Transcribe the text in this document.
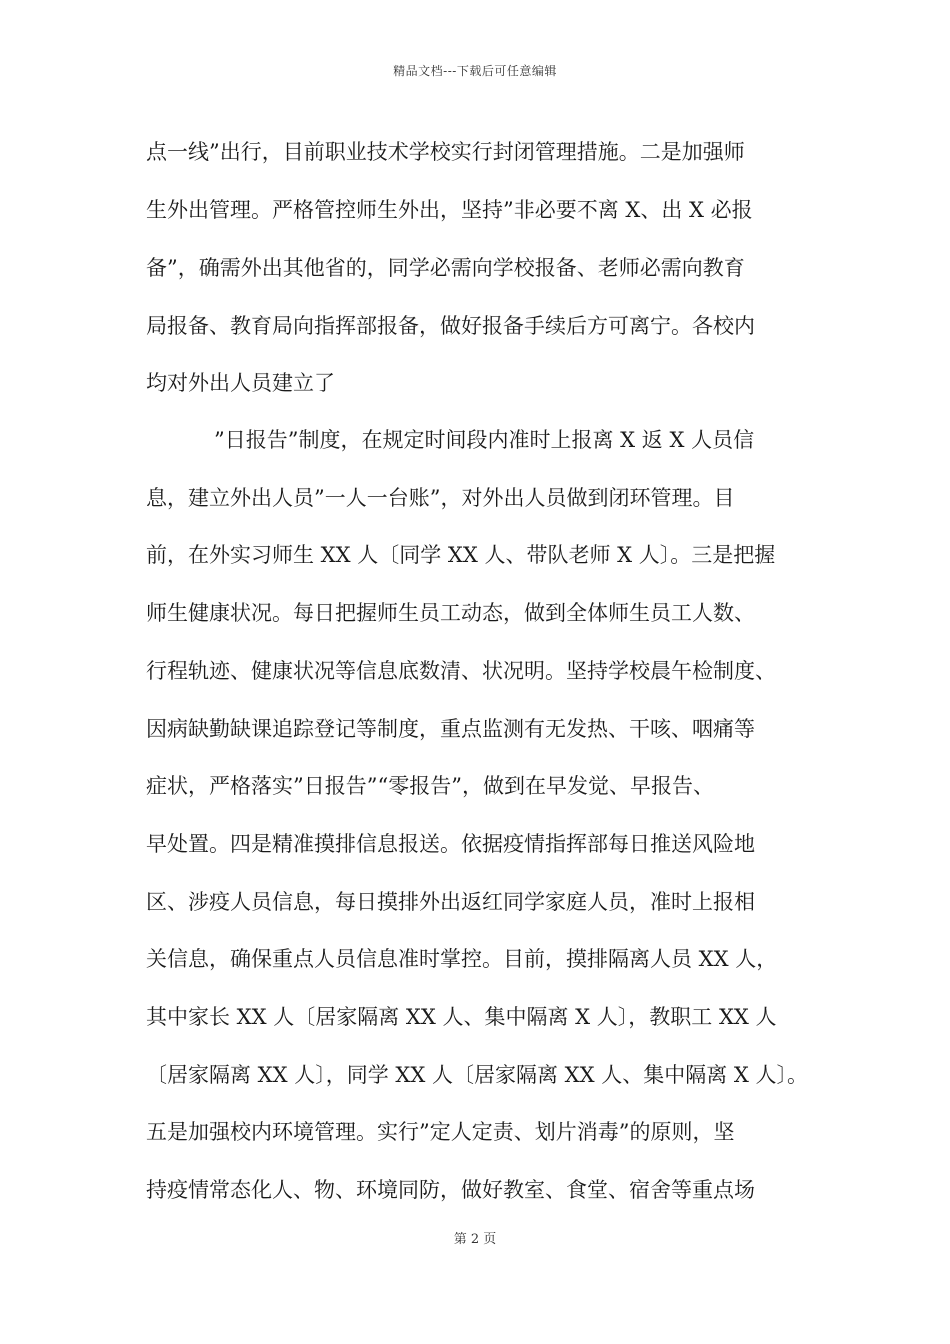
精品文档---下载后可任意编辑
点一线”出行，目前职业技术学校实行封闭管理措施。二是加强师
生外出管理。严格管控师生外出，坚持”非必要不离 X、出 X 必报
备”，确需外出其他省的，同学必需向学校报备、老师必需向教育
局报备、教育局向指挥部报备，做好报备手续后方可离宁。各校内
均对外出人员建立了
”日报告”制度，在规定时间段内准时上报离 X 返 X 人员信
息，建立外出人员”一人一台账”，对外出人员做到闭环管理。目
前，在外实习师生 XX 人〔同学 XX 人、带队老师 X 人〕。三是把握
师生健康状况。每日把握师生员工动态，做到全体师生员工人数、
行程轨迹、健康状况等信息底数清、状况明。坚持学校晨午检制度、
因病缺勤缺课追踪登记等制度，重点监测有无发热、干咳、咽痛等
症状，严格落实”日报告”“零报告”，做到在早发觉、早报告、
早处置。四是精准摸排信息报送。依据疫情指挥部每日推送风险地
区、涉疫人员信息，每日摸排外出返红同学家庭人员，准时上报相
关信息，确保重点人员信息准时掌控。目前，摸排隔离人员 XX 人，
其中家长 XX 人〔居家隔离 XX 人、集中隔离 X 人〕，教职工 XX 人
〔居家隔离 XX 人〕，同学 XX 人〔居家隔离 XX 人、集中隔离 X 人〕。
五是加强校内环境管理。实行”定人定责、划片消毒”的原则，坚
持疫情常态化人、物、环境同防，做好教室、食堂、宿舍等重点场
第 2 页
